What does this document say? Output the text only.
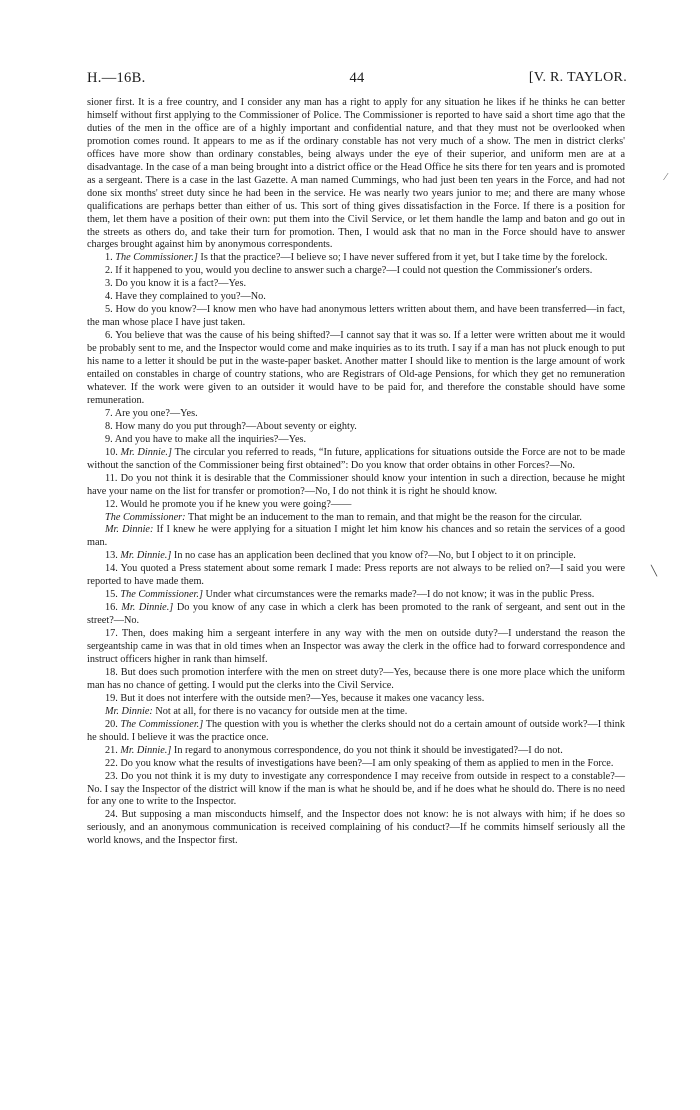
H.—16B.	44	[V. R. TAYLOR.

sioner first. It is a free country, and I consider any man has a right to apply for any situation he likes if he thinks he can better himself without first applying to the Commissioner of Police. The Commissioner is reported to have said a short time ago that the duties of the men in the office are of a highly important and confidential nature, and that they must not be overlooked when promotion comes round. It appears to me as if the ordinary constable has not very much of a show. The men in district clerks' offices have more show than ordinary constables, being always under the eye of their superior, and uniform men are at a disadvantage. In the case of a man being brought into a district office or the Head Office he sits there for ten years and is promoted as a sergeant. There is a case in the last Gazette. A man named Cummings, who had just been ten years in the Force, and had not done six months' street duty since he had been in the service. He was nearly two years junior to me; and there are many whose qualifications are perhaps better than either of us. This sort of thing gives dissatisfaction in the Force. If there is a position for them, let them have a position of their own: put them into the Civil Service, or let them handle the lamp and baton and go out in the streets as others do, and take their turn for promotion. Then, I would ask that no man in the Force should have to answer charges brought against him by anonymous correspondents.

1. The Commissioner.] Is that the practice?—I believe so; I have never suffered from it yet, but I take time by the forelock.

2. If it happened to you, would you decline to answer such a charge?—I could not question the Commissioner's orders.

3. Do you know it is a fact?—Yes.

4. Have they complained to you?—No.

5. How do you know?—I know men who have had anonymous letters written about them, and have been transferred—in fact, the man whose place I have just taken.

6. You believe that was the cause of his being shifted?—I cannot say that it was so. If a letter were written about me it would be probably sent to me, and the Inspector would come and make inquiries as to its truth. I say if a man has not pluck enough to put his name to a letter it should be put in the waste-paper basket. Another matter I should like to mention is the large amount of work entailed on constables in charge of country stations, who are Registrars of Old-age Pensions, for which they get no remuneration whatever. If the work were given to an outsider it would have to be paid for, and therefore the constable should have some remuneration.

7. Are you one?—Yes.

8. How many do you put through?—About seventy or eighty.

9. And you have to make all the inquiries?—Yes.

10. Mr. Dinnie.] The circular you referred to reads, “In future, applications for situations outside the Force are not to be made without the sanction of the Commissioner being first obtained”: Do you know that order obtains in other Forces?—No.

11. Do you not think it is desirable that the Commissioner should know your intention in such a direction, because he might have your name on the list for transfer or promotion?—No, I do not think it is right he should know.

12. Would he promote you if he knew you were going?——

The Commissioner: That might be an inducement to the man to remain, and that might be the reason for the circular.

Mr. Dinnie: If I knew he were applying for a situation I might let him know his chances and so retain the services of a good man.

13. Mr. Dinnie.] In no case has an application been declined that you know of?—No, but I object to it on principle.

14. You quoted a Press statement about some remark I made: Press reports are not always to be relied on?—I said you were reported to have made them.

15. The Commissioner.] Under what circumstances were the remarks made?—I do not know; it was in the public Press.

16. Mr. Dinnie.] Do you know of any case in which a clerk has been promoted to the rank of sergeant, and sent out in the street?—No.

17. Then, does making him a sergeant interfere in any way with the men on outside duty?—I understand the reason the sergeantship came in was that in old times when an Inspector was away the clerk in the office had to forward correspondence and instruct officers higher in rank than himself.

18. But does such promotion interfere with the men on street duty?—Yes, because there is one more place which the uniform man has no chance of getting. I would put the clerks into the Civil Service.

19. But it does not interfere with the outside men?—Yes, because it makes one vacancy less.

Mr. Dinnie: Not at all, for there is no vacancy for outside men at the time.

20. The Commissioner.] The question with you is whether the clerks should not do a certain amount of outside work?—I think he should. I believe it was the practice once.

21. Mr. Dinnie.] In regard to anonymous correspondence, do you not think it should be investigated?—I do not.

22. Do you know what the results of investigations have been?—I am only speaking of them as applied to men in the Force.

23. Do you not think it is my duty to investigate any correspondence I may receive from outside in respect to a constable?—No. I say the Inspector of the district will know if the man is what he should be, and if he does what he should do. There is no need for any one to write to the Inspector.

24. But supposing a man misconducts himself, and the Inspector does not know: he is not always with him; if he does so seriously, and an anonymous communication is received complaining of his conduct?—If he commits himself seriously all the world knows, and the Inspector first.

⁄
╲
